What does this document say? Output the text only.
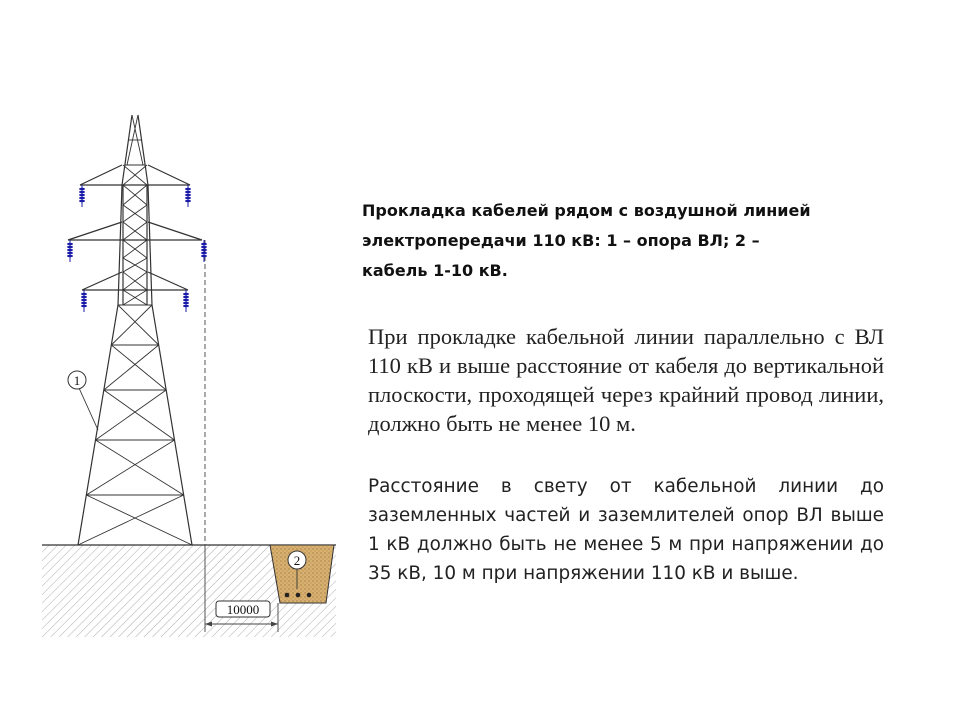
10000
1
2
Прокладка кабелей рядом с воздушной линией
электропередачи 110 кВ: 1 – опора ВЛ; 2 –
кабель 1-10 кВ.
При прокладке кабельной линии параллельно с ВЛ 110 кВ и выше расстояние от кабеля до вертикальной плоскости, проходящей через крайний провод линии, должно быть не менее 10 м.
Расстояние в свету от кабельной линии до заземленных частей и заземлителей опор ВЛ выше 1 кВ должно быть не менее 5 м при напряжении до 35 кВ, 10 м при напряжении 110 кВ и выше.
